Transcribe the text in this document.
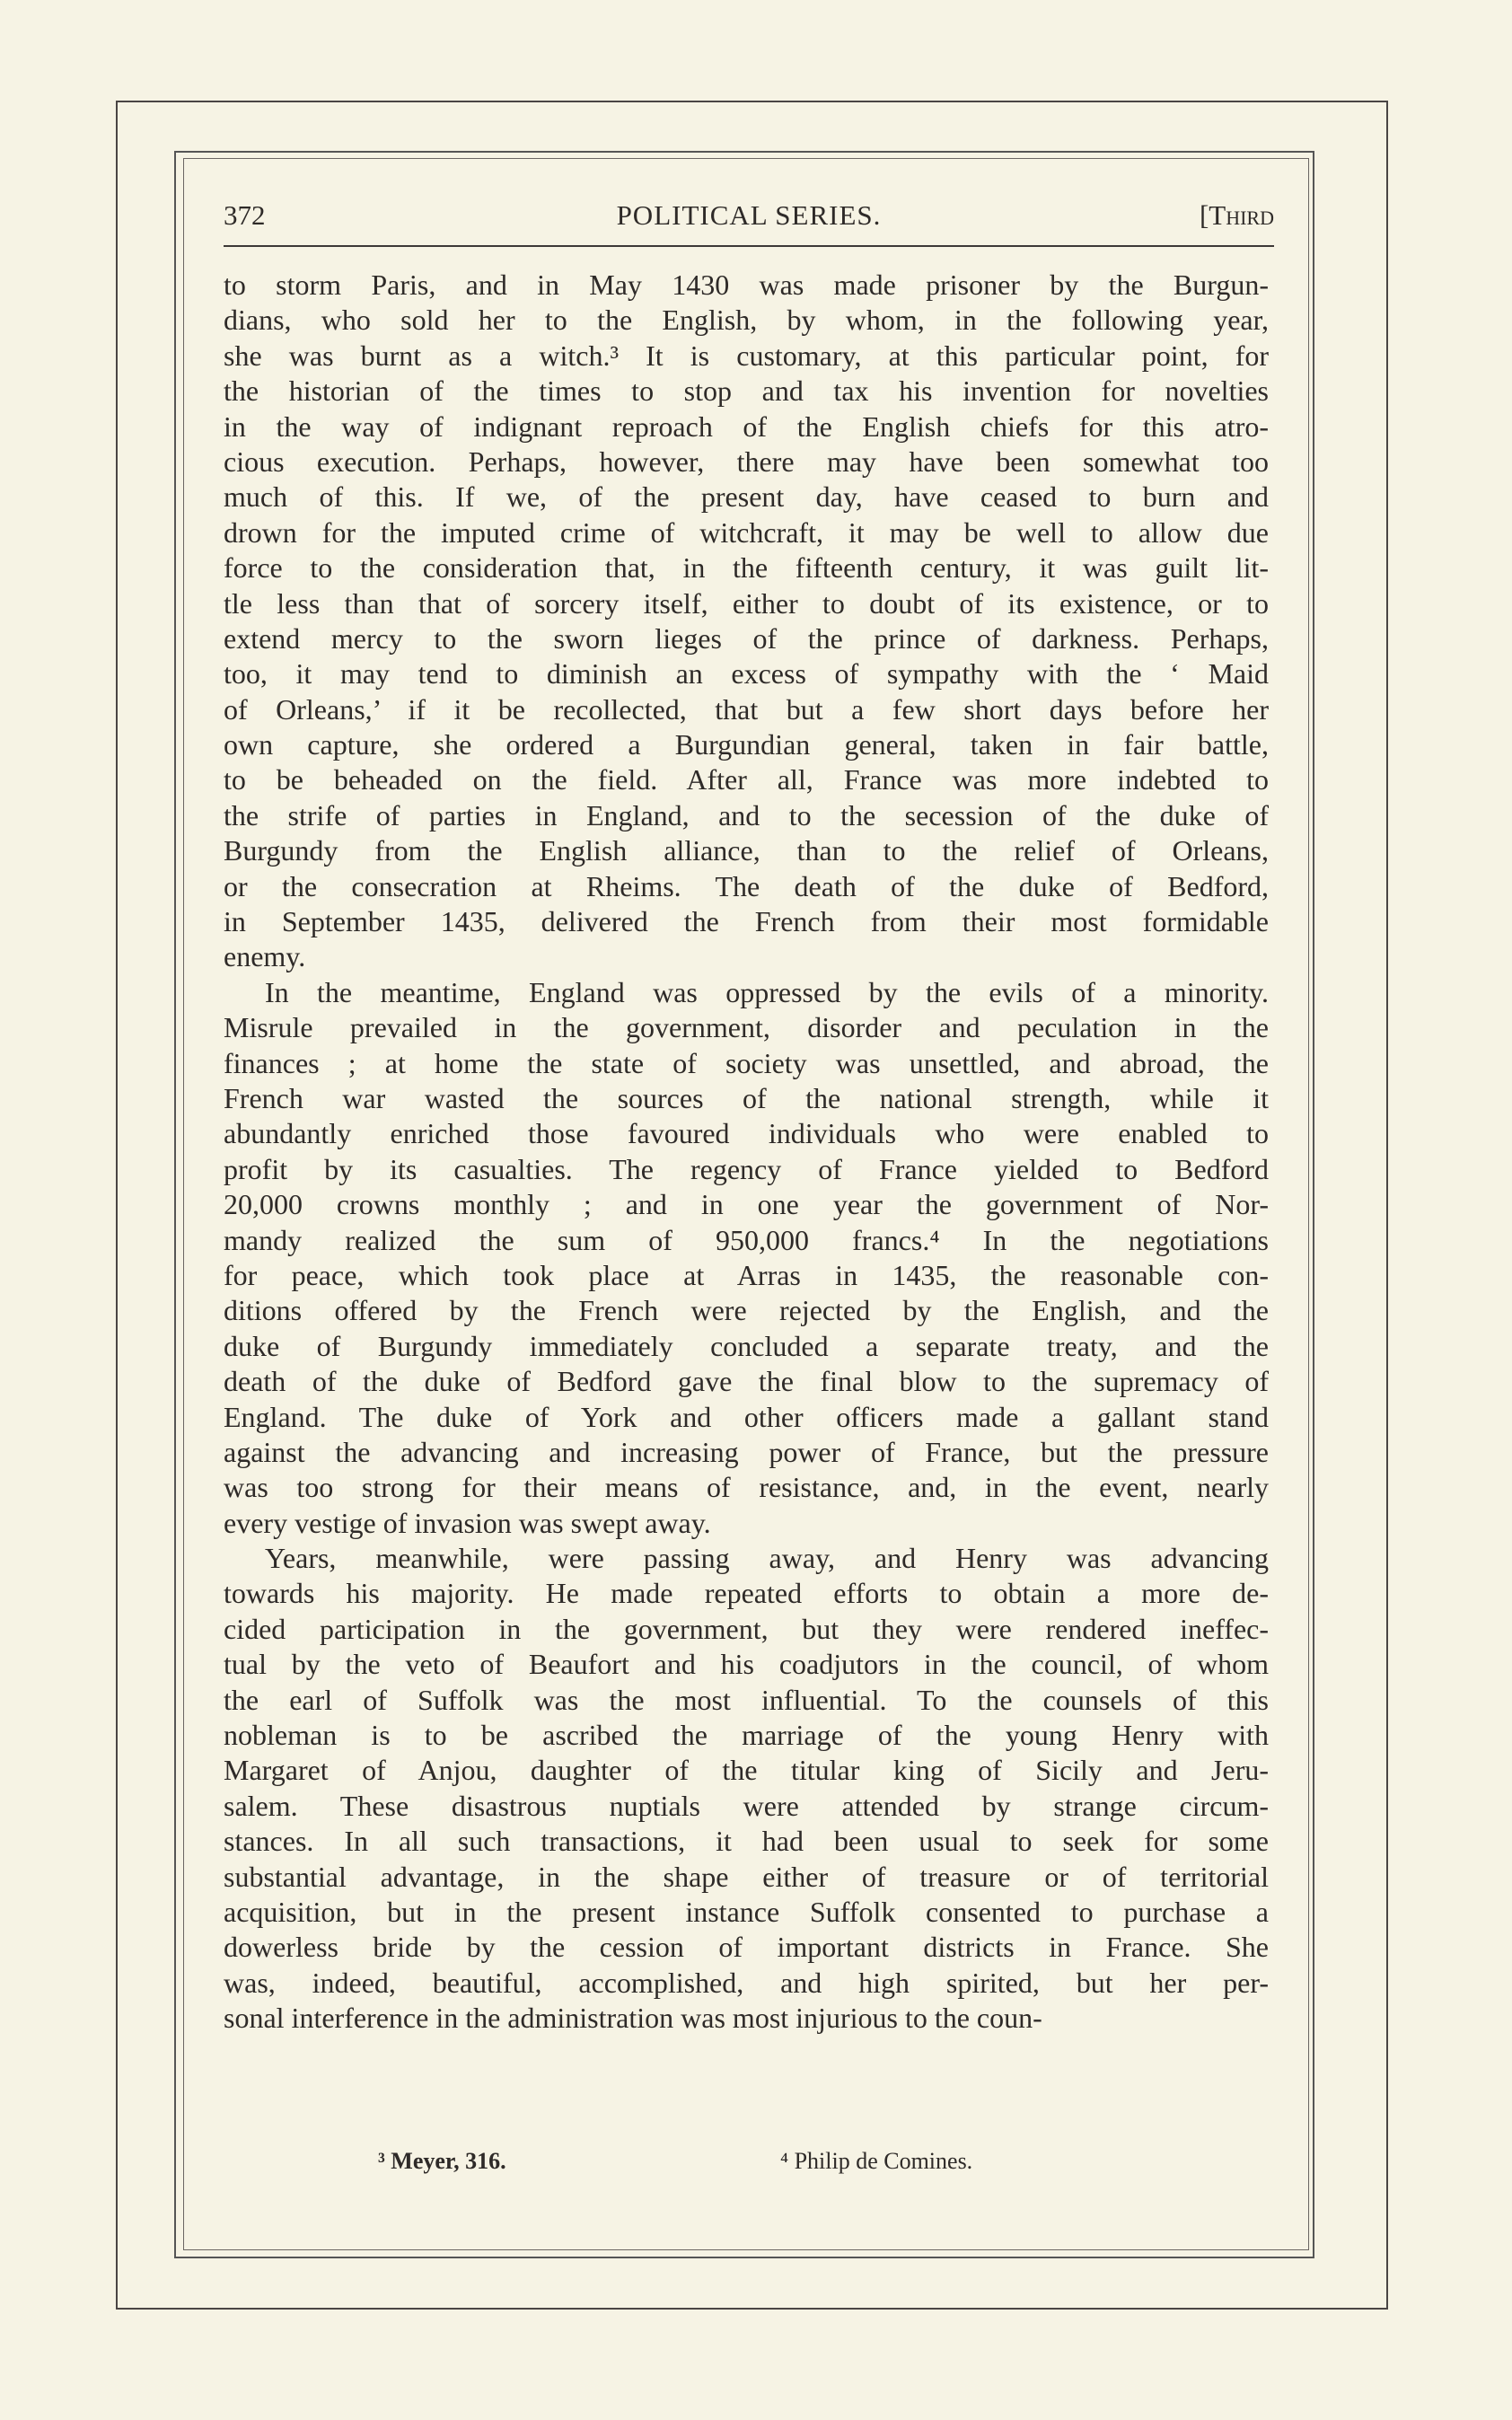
372	POLITICAL SERIES.	[Third
to storm Paris, and in May 1430 was made prisoner by the Burgun-
dians, who sold her to the English, by whom, in the following year,
she was burnt as a witch.³ It is customary, at this particular point, for
the historian of the times to stop and tax his invention for novelties
in the way of indignant reproach of the English chiefs for this atro-
cious execution. Perhaps, however, there may have been somewhat too
much of this. If we, of the present day, have ceased to burn and
drown for the imputed crime of witchcraft, it may be well to allow due
force to the consideration that, in the fifteenth century, it was guilt lit-
tle less than that of sorcery itself, either to doubt of its existence, or to
extend mercy to the sworn lieges of the prince of darkness. Perhaps,
too, it may tend to diminish an excess of sympathy with the ‘ Maid
of Orleans,’ if it be recollected, that but a few short days before her
own capture, she ordered a Burgundian general, taken in fair battle,
to be beheaded on the field. After all, France was more indebted to
the strife of parties in England, and to the secession of the duke of
Burgundy from the English alliance, than to the relief of Orleans,
or the consecration at Rheims. The death of the duke of Bedford,
in September 1435, delivered the French from their most formidable
enemy.
In the meantime, England was oppressed by the evils of a minority.
Misrule prevailed in the government, disorder and peculation in the
finances ; at home the state of society was unsettled, and abroad, the
French war wasted the sources of the national strength, while it
abundantly enriched those favoured individuals who were enabled to
profit by its casualties. The regency of France yielded to Bedford
20,000 crowns monthly ; and in one year the government of Nor-
mandy realized the sum of 950,000 francs.⁴ In the negotiations
for peace, which took place at Arras in 1435, the reasonable con-
ditions offered by the French were rejected by the English, and the
duke of Burgundy immediately concluded a separate treaty, and the
death of the duke of Bedford gave the final blow to the supremacy of
England. The duke of York and other officers made a gallant stand
against the advancing and increasing power of France, but the pressure
was too strong for their means of resistance, and, in the event, nearly
every vestige of invasion was swept away.
Years, meanwhile, were passing away, and Henry was advancing
towards his majority. He made repeated efforts to obtain a more de-
cided participation in the government, but they were rendered ineffec-
tual by the veto of Beaufort and his coadjutors in the council, of whom
the earl of Suffolk was the most influential. To the counsels of this
nobleman is to be ascribed the marriage of the young Henry with
Margaret of Anjou, daughter of the titular king of Sicily and Jeru-
salem. These disastrous nuptials were attended by strange circum-
stances. In all such transactions, it had been usual to seek for some
substantial advantage, in the shape either of treasure or of territorial
acquisition, but in the present instance Suffolk consented to purchase a
dowerless bride by the cession of important districts in France. She
was, indeed, beautiful, accomplished, and high spirited, but her per-
sonal interference in the administration was most injurious to the coun-
³ Meyer, 316.	⁴ Philip de Comines.
